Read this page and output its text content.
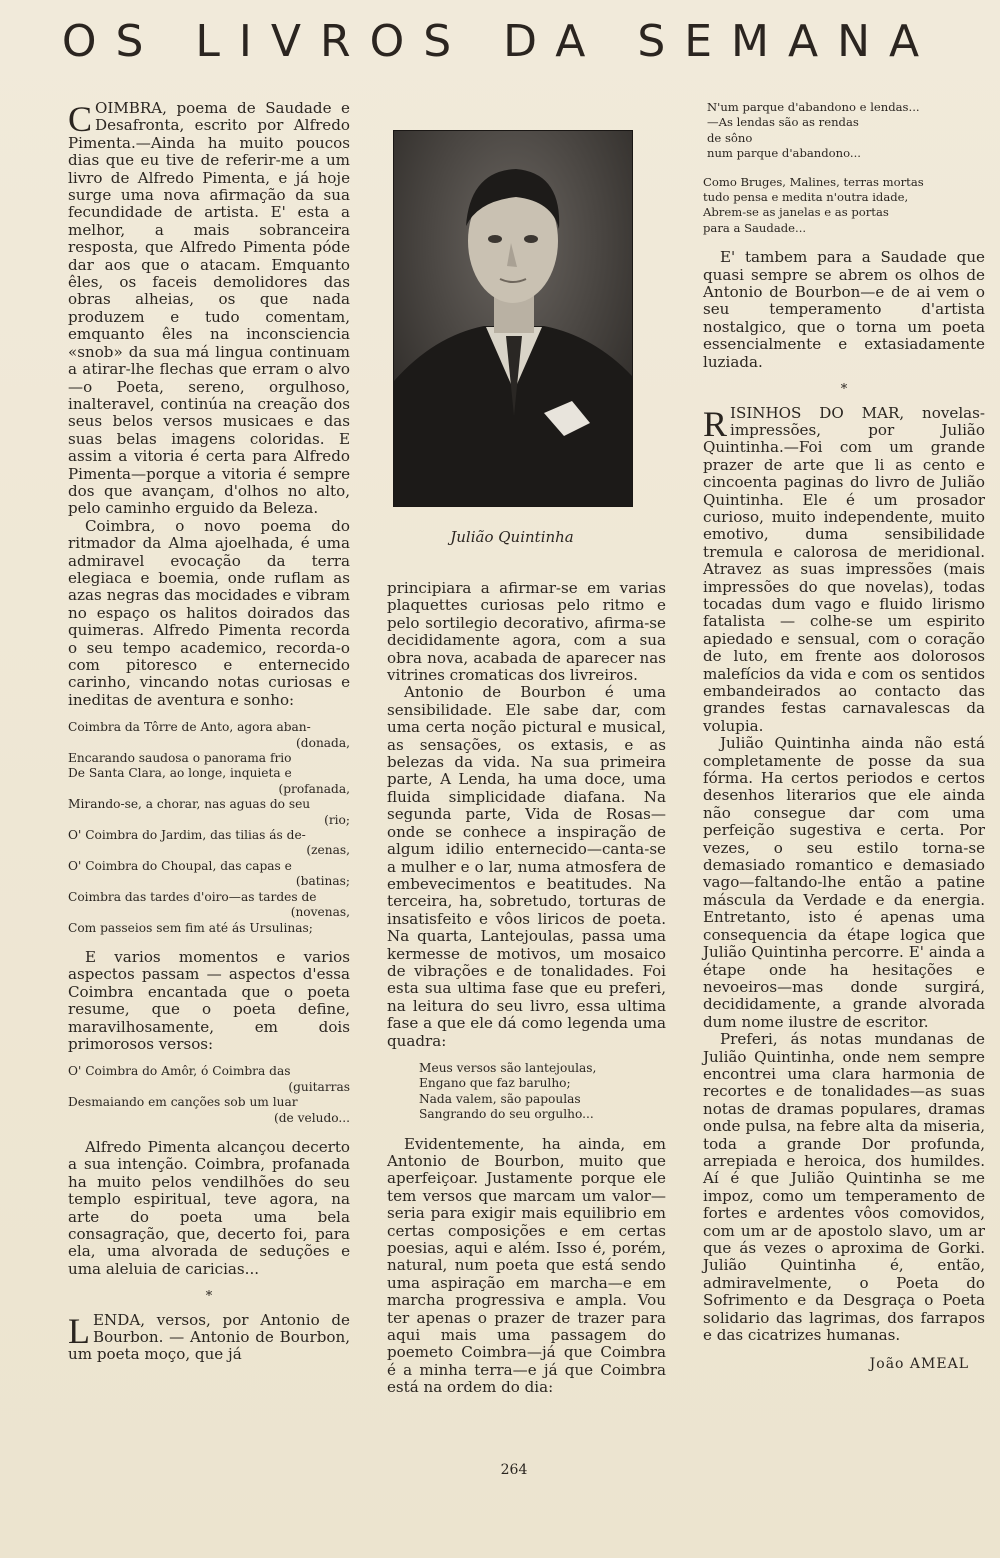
OS LIVROS DA SEMANA

COIMBRA, poema de Saudade e Desafronta, escrito por Alfredo Pimenta.—Ainda ha muito poucos dias que eu tive de referir-me a um livro de Alfredo Pimenta, e já hoje surge uma nova afirmação da sua fecundidade de artista. E' esta a melhor, a mais sobranceira resposta, que Alfredo Pimenta póde dar aos que o atacam. Emquanto êles, os faceis demolidores das obras alheias, os que nada produzem e tudo comentam, emquanto êles na inconsciencia «snob» da sua má lingua continuam a atirar-lhe flechas que erram o alvo—o Poeta, sereno, orgulhoso, inalteravel, continúa na creação dos seus belos versos musicaes e das suas belas imagens coloridas. E assim a vitoria é certa para Alfredo Pimenta—porque a vitoria é sempre dos que avançam, d'olhos no alto, pelo caminho erguido da Beleza.

Coimbra, o novo poema do ritmador da Alma ajoelhada, é uma admiravel evocação da terra elegiaca e boemia, onde ruflam as azas negras das mocidades e vibram no espaço os halitos doirados das quimeras. Alfredo Pimenta recorda o seu tempo academico, recorda-o com pitoresco e enternecido carinho, vincando notas curiosas e ineditas de aventura e sonho:

Coimbra da Tôrre de Anto, agora aban-
(donada,
Encarando saudosa o panorama frio
De Santa Clara, ao longe, inquieta e
(profanada,
Mirando-se, a chorar, nas aguas do seu
(rio;
O' Coimbra do Jardim, das tilias ás de-
(zenas,
O' Coimbra do Choupal, das capas e
(batinas;
Coimbra das tardes d'oiro—as tardes de
(novenas,
Com passeios sem fim até ás Ursulinas;

E varios momentos e varios aspectos passam — aspectos d'essa Coimbra encantada que o poeta resume, que o poeta define, maravilhosamente, em dois primorosos versos:

O' Coimbra do Amôr, ó Coimbra das
(guitarras
Desmaiando em canções sob um luar
(de veludo...

Alfredo Pimenta alcançou decerto a sua intenção. Coimbra, profanada ha muito pelos vendilhões do seu templo espiritual, teve agora, na arte do poeta uma bela consagração, que, decerto foi, para ela, uma alvorada de seduções e uma aleluia de caricias...

*

LENDA, versos, por Antonio de Bourbon. — Antonio de Bourbon, um poeta moço, que já

Julião Quintinha

principiara a afirmar-se em varias plaquettes curiosas pelo ritmo e pelo sortilegio decorativo, afirma-se decididamente agora, com a sua obra nova, acabada de aparecer nas vitrines cromaticas dos livreiros.

Antonio de Bourbon é uma sensibilidade. Ele sabe dar, com uma certa noção pictural e musical, as sensações, os extasis, e as belezas da vida. Na sua primeira parte, A Lenda, ha uma doce, uma fluida simplicidade diafana. Na segunda parte, Vida de Rosas—onde se conhece a inspiração de algum idilio enternecido—canta-se a mulher e o lar, numa atmosfera de embevecimentos e beatitudes. Na terceira, ha, sobretudo, torturas de insatisfeito e vôos liricos de poeta. Na quarta, Lantejoulas, passa uma kermesse de motivos, um mosaico de vibrações e de tonalidades. Foi esta sua ultima fase que eu preferi, na leitura do seu livro, essa ultima fase a que ele dá como legenda uma quadra:

Meus versos são lantejoulas,
Engano que faz barulho;
Nada valem, são papoulas
Sangrando do seu orgulho...

Evidentemente, ha ainda, em Antonio de Bourbon, muito que aperfeiçoar. Justamente porque ele tem versos que marcam um valor—seria para exigir mais equilibrio em certas composições e em certas poesias, aqui e além. Isso é, porém, natural, num poeta que está sendo uma aspiração em marcha—e em marcha progressiva e ampla. Vou ter apenas o prazer de trazer para aqui mais uma passagem do poemeto Coimbra—já que Coimbra é a minha terra—e já que Coimbra está na ordem do dia:

N'um parque d'abandono e lendas...
—As lendas são as rendas
de sôno
num parque d'abandono...
Como Bruges, Malines, terras mortas
tudo pensa e medita n'outra idade,
Abrem-se as janelas e as portas
para a Saudade...

E' tambem para a Saudade que quasi sempre se abrem os olhos de Antonio de Bourbon—e de ai vem o seu temperamento d'artista nostalgico, que o torna um poeta essencialmente e extasiadamente luziada.

*

RISINHOS DO MAR, novelas-impressões, por Julião Quintinha.—Foi com um grande prazer de arte que li as cento e cincoenta paginas do livro de Julião Quintinha. Ele é um prosador curioso, muito independente, muito emotivo, duma sensibilidade tremula e calorosa de meridional. Atravez as suas impressões (mais impressões do que novelas), todas tocadas dum vago e fluido lirismo fatalista — colhe-se um espirito apiedado e sensual, com o coração de luto, em frente aos dolorosos malefícios da vida e com os sentidos embandeirados ao contacto das grandes festas carnavalescas da volupia.

Julião Quintinha ainda não está completamente de posse da sua fórma. Ha certos periodos e certos desenhos literarios que ele ainda não consegue dar com uma perfeição sugestiva e certa. Por vezes, o seu estilo torna-se demasiado romantico e demasiado vago—faltando-lhe então a patine máscula da Verdade e da energia. Entretanto, isto é apenas uma consequencia da étape logica que Julião Quintinha percorre. E' ainda a étape onde ha hesitações e nevoeiros—mas donde surgirá, decididamente, a grande alvorada dum nome ilustre de escritor.

Preferi, ás notas mundanas de Julião Quintinha, onde nem sempre encontrei uma clara harmonia de recortes e de tonalidades—as suas notas de dramas populares, dramas onde pulsa, na febre alta da miseria, toda a grande Dor profunda, arrepiada e heroica, dos humildes. Aí é que Julião Quintinha se me impoz, como um temperamento de fortes e ardentes vôos comovidos, com um ar de apostolo slavo, um ar que ás vezes o aproxima de Gorki. Julião Quintinha é, então, admiravelmente, o Poeta do Sofrimento e da Desgraça o Poeta solidario das lagrimas, dos farrapos e das cicatrizes humanas.

João AMEAL
264
